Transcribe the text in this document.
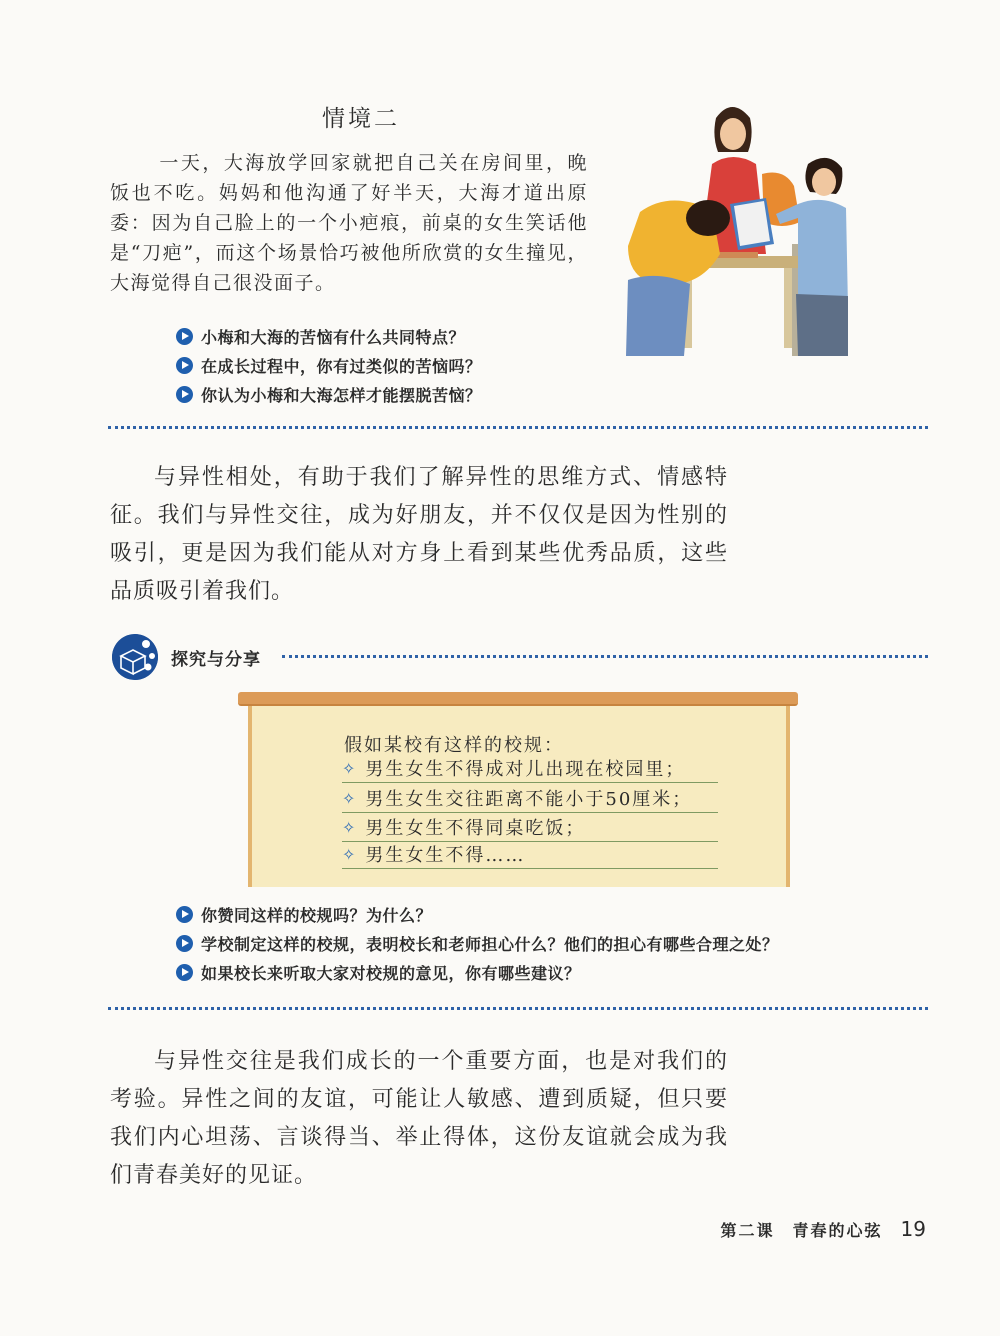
情境二

一天，大海放学回家就把自己关在房间里，晚饭也不吃。妈妈和他沟通了好半天，大海才道出原委：因为自己脸上的一个小疤痕，前桌的女生笑话他是“刀疤”，而这个场景恰巧被他所欣赏的女生撞见，大海觉得自己很没面子。

小梅和大海的苦恼有什么共同特点？
在成长过程中，你有过类似的苦恼吗？
你认为小梅和大海怎样才能摆脱苦恼？

与异性相处，有助于我们了解异性的思维方式、情感特征。我们与异性交往，成为好朋友，并不仅仅是因为性别的吸引，更是因为我们能从对方身上看到某些优秀品质，这些品质吸引着我们。

探究与分享
假如某校有这样的校规：
✧ 男生女生不得成对儿出现在校园里；
✧ 男生女生交往距离不能小于50厘米；
✧ 男生女生不得同桌吃饭；
✧ 男生女生不得……
你赞同这样的校规吗？为什么？
学校制定这样的校规，表明校长和老师担心什么？他们的担心有哪些合理之处？
如果校长来听取大家对校规的意见，你有哪些建议？

与异性交往是我们成长的一个重要方面，也是对我们的考验。异性之间的友谊，可能让人敏感、遭到质疑，但只要我们内心坦荡、言谈得当、举止得体，这份友谊就会成为我们青春美好的见证。

第二课　青春的心弦 19
